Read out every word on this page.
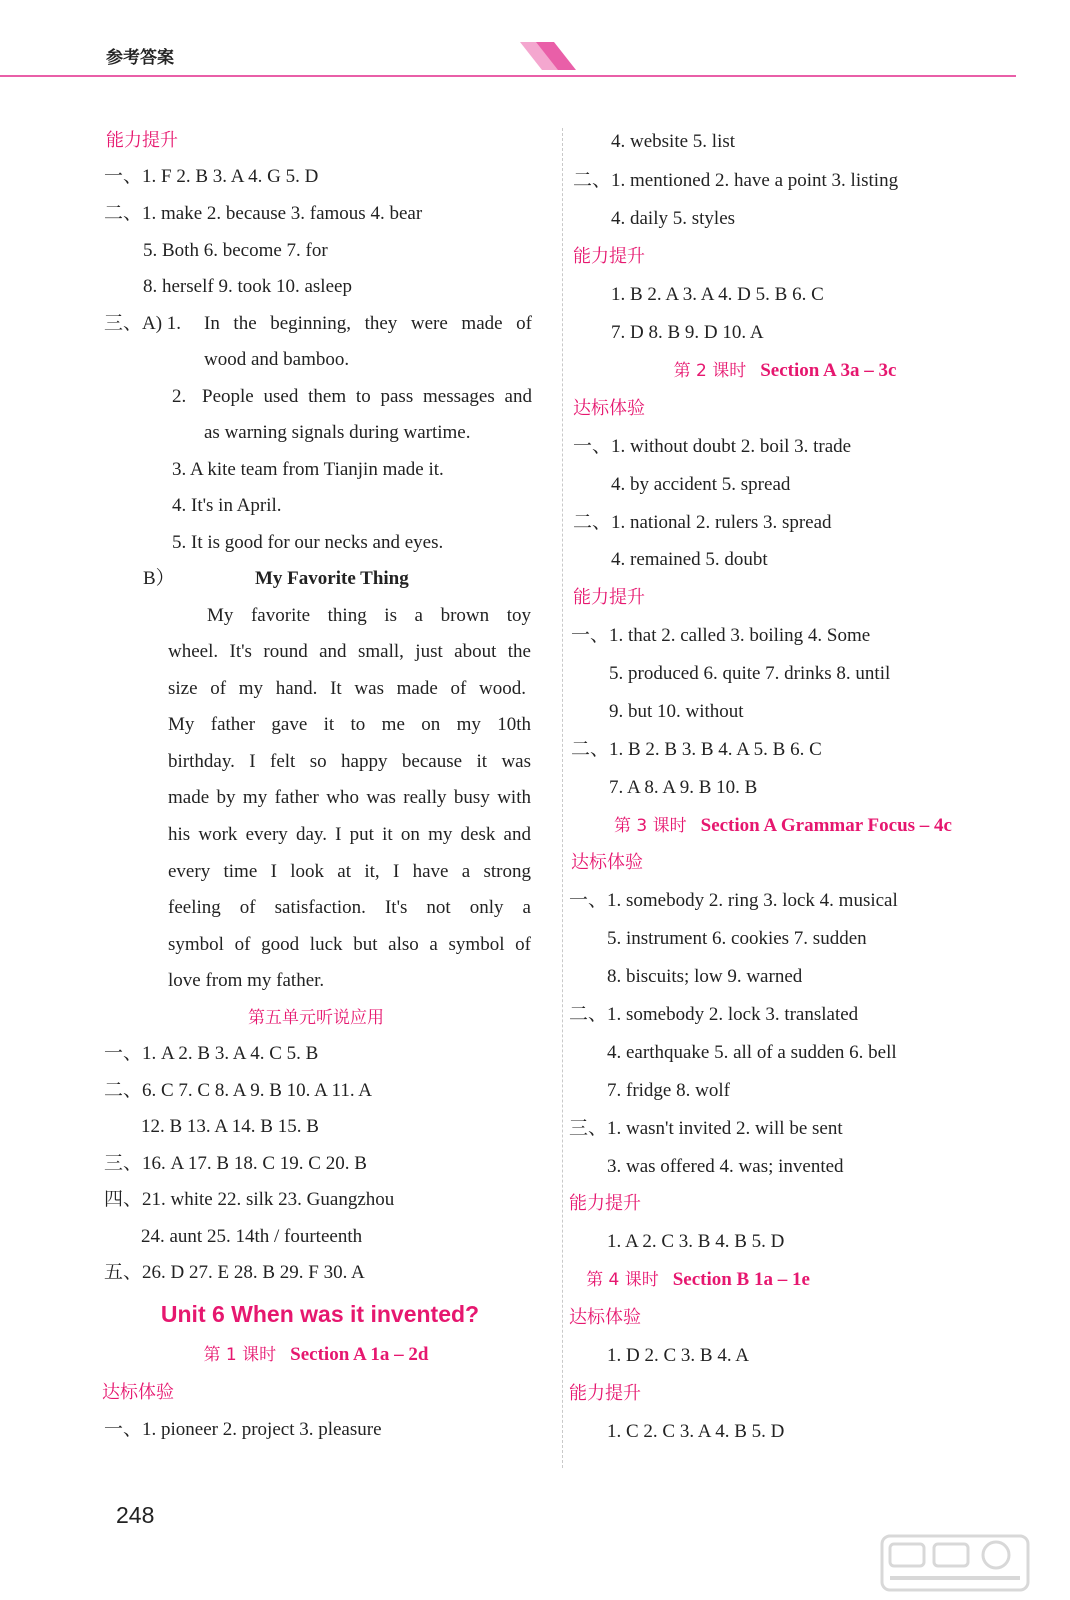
参考答案
能力提升
一、1. F 2. B 3. A 4. G 5. D
二、1. make 2. because 3. famous 4. bear
5. Both 6. become 7. for
8. herself 9. took 10. asleep
三、A) 1. In the beginning, they were made of
wood and bamboo.
2. People used them to pass messages and
as warning signals during wartime.
3. A kite team from Tianjin made it.
4. It's in April.
5. It is good for our necks and eyes.
B）	My Favorite Thing
My favorite thing is a brown toy
wheel. It's round and small, just about the
size of my hand. It was made of wood.
My father gave it to me on my 10th
birthday. I felt so happy because it was
made by my father who was really busy with
his work every day. I put it on my desk and
every time I look at it, I have a strong
feeling of satisfaction. It's not only a
symbol of good luck but also a symbol of
love from my father.
第五单元听说应用
一、1. A 2. B 3. A 4. C 5. B
二、6. C 7. C 8. A 9. B 10. A 11. A
12. B 13. A 14. B 15. B
三、16. A 17. B 18. C 19. C 20. B
四、21. white 22. silk 23. Guangzhou
24. aunt 25. 14th / fourteenth
五、26. D 27. E 28. B 29. F 30. A
Unit 6 When was it invented?
第 1 课时 Section A 1a – 2d
达标体验
一、1. pioneer 2. project 3. pleasure
4. website 5. list
二、1. mentioned 2. have a point 3. listing
4. daily 5. styles
能力提升
1. B 2. A 3. A 4. D 5. B 6. C
7. D 8. B 9. D 10. A
第 2 课时 Section A 3a – 3c
达标体验
一、1. without doubt 2. boil 3. trade
4. by accident 5. spread
二、1. national 2. rulers 3. spread
4. remained 5. doubt
能力提升
一、1. that 2. called 3. boiling 4. Some
5. produced 6. quite 7. drinks 8. until
9. but 10. without
二、1. B 2. B 3. B 4. A 5. B 6. C
7. A 8. A 9. B 10. B
第 3 课时 Section A Grammar Focus – 4c
达标体验
一、1. somebody 2. ring 3. lock 4. musical
5. instrument 6. cookies 7. sudden
8. biscuits; low 9. warned
二、1. somebody 2. lock 3. translated
4. earthquake 5. all of a sudden 6. bell
7. fridge 8. wolf
三、1. wasn't invited 2. will be sent
3. was offered 4. was; invented
能力提升
1. A 2. C 3. B 4. B 5. D
第 4 课时 Section B 1a – 1e
达标体验
1. D 2. C 3. B 4. A
能力提升
1. C 2. C 3. A 4. B 5. D
248
